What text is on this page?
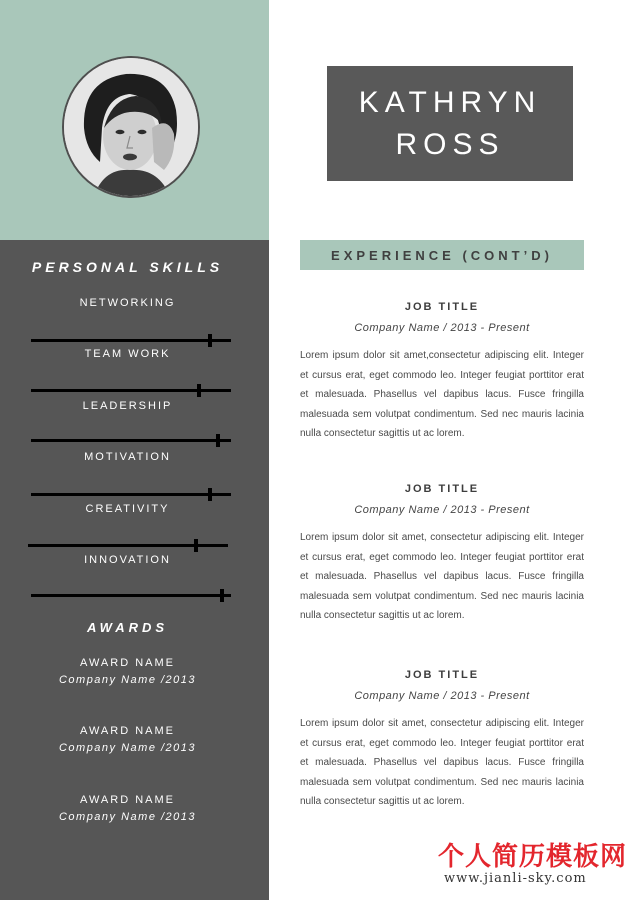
KATHRYN
ROSS
PERSONAL SKILLS
NETWORKING
TEAM WORK
LEADERSHIP
MOTIVATION
CREATIVITY
INNOVATION
AWARDS
AWARD NAME
Company Name /2013
AWARD NAME
Company Name /2013
AWARD NAME
Company Name /2013
EXPERIENCE (CONT’D)
JOB TITLE
Company Name / 2013 - Present

Lorem ipsum dolor sit amet,consectetur adipiscing elit. Integer et cursus erat, eget commodo leo. Integer feugiat porttitor erat et malesuada. Phasellus vel dapibus lacus. Fusce fringilla malesuada sem volutpat condimentum. Sed nec mauris lacinia nulla consectetur sagittis ut ac lorem.

JOB TITLE
Company Name / 2013 - Present

Lorem ipsum dolor sit amet, consectetur adipiscing elit. Integer et cursus erat, eget commodo leo. Integer feugiat porttitor erat et malesuada. Phasellus vel dapibus lacus. Fusce fringilla malesuada sem volutpat condimentum. Sed nec mauris lacinia nulla consectetur sagittis ut ac lorem.

JOB TITLE
Company Name / 2013 - Present

Lorem ipsum dolor sit amet, consectetur adipiscing elit. Integer et cursus erat, eget commodo leo. Integer feugiat porttitor erat et malesuada. Phasellus vel dapibus lacus. Fusce fringilla malesuada sem volutpat condimentum. Sed nec mauris lacinia nulla consectetur sagittis ut ac lorem.

个人简历模板网
www.jianli-sky.com
